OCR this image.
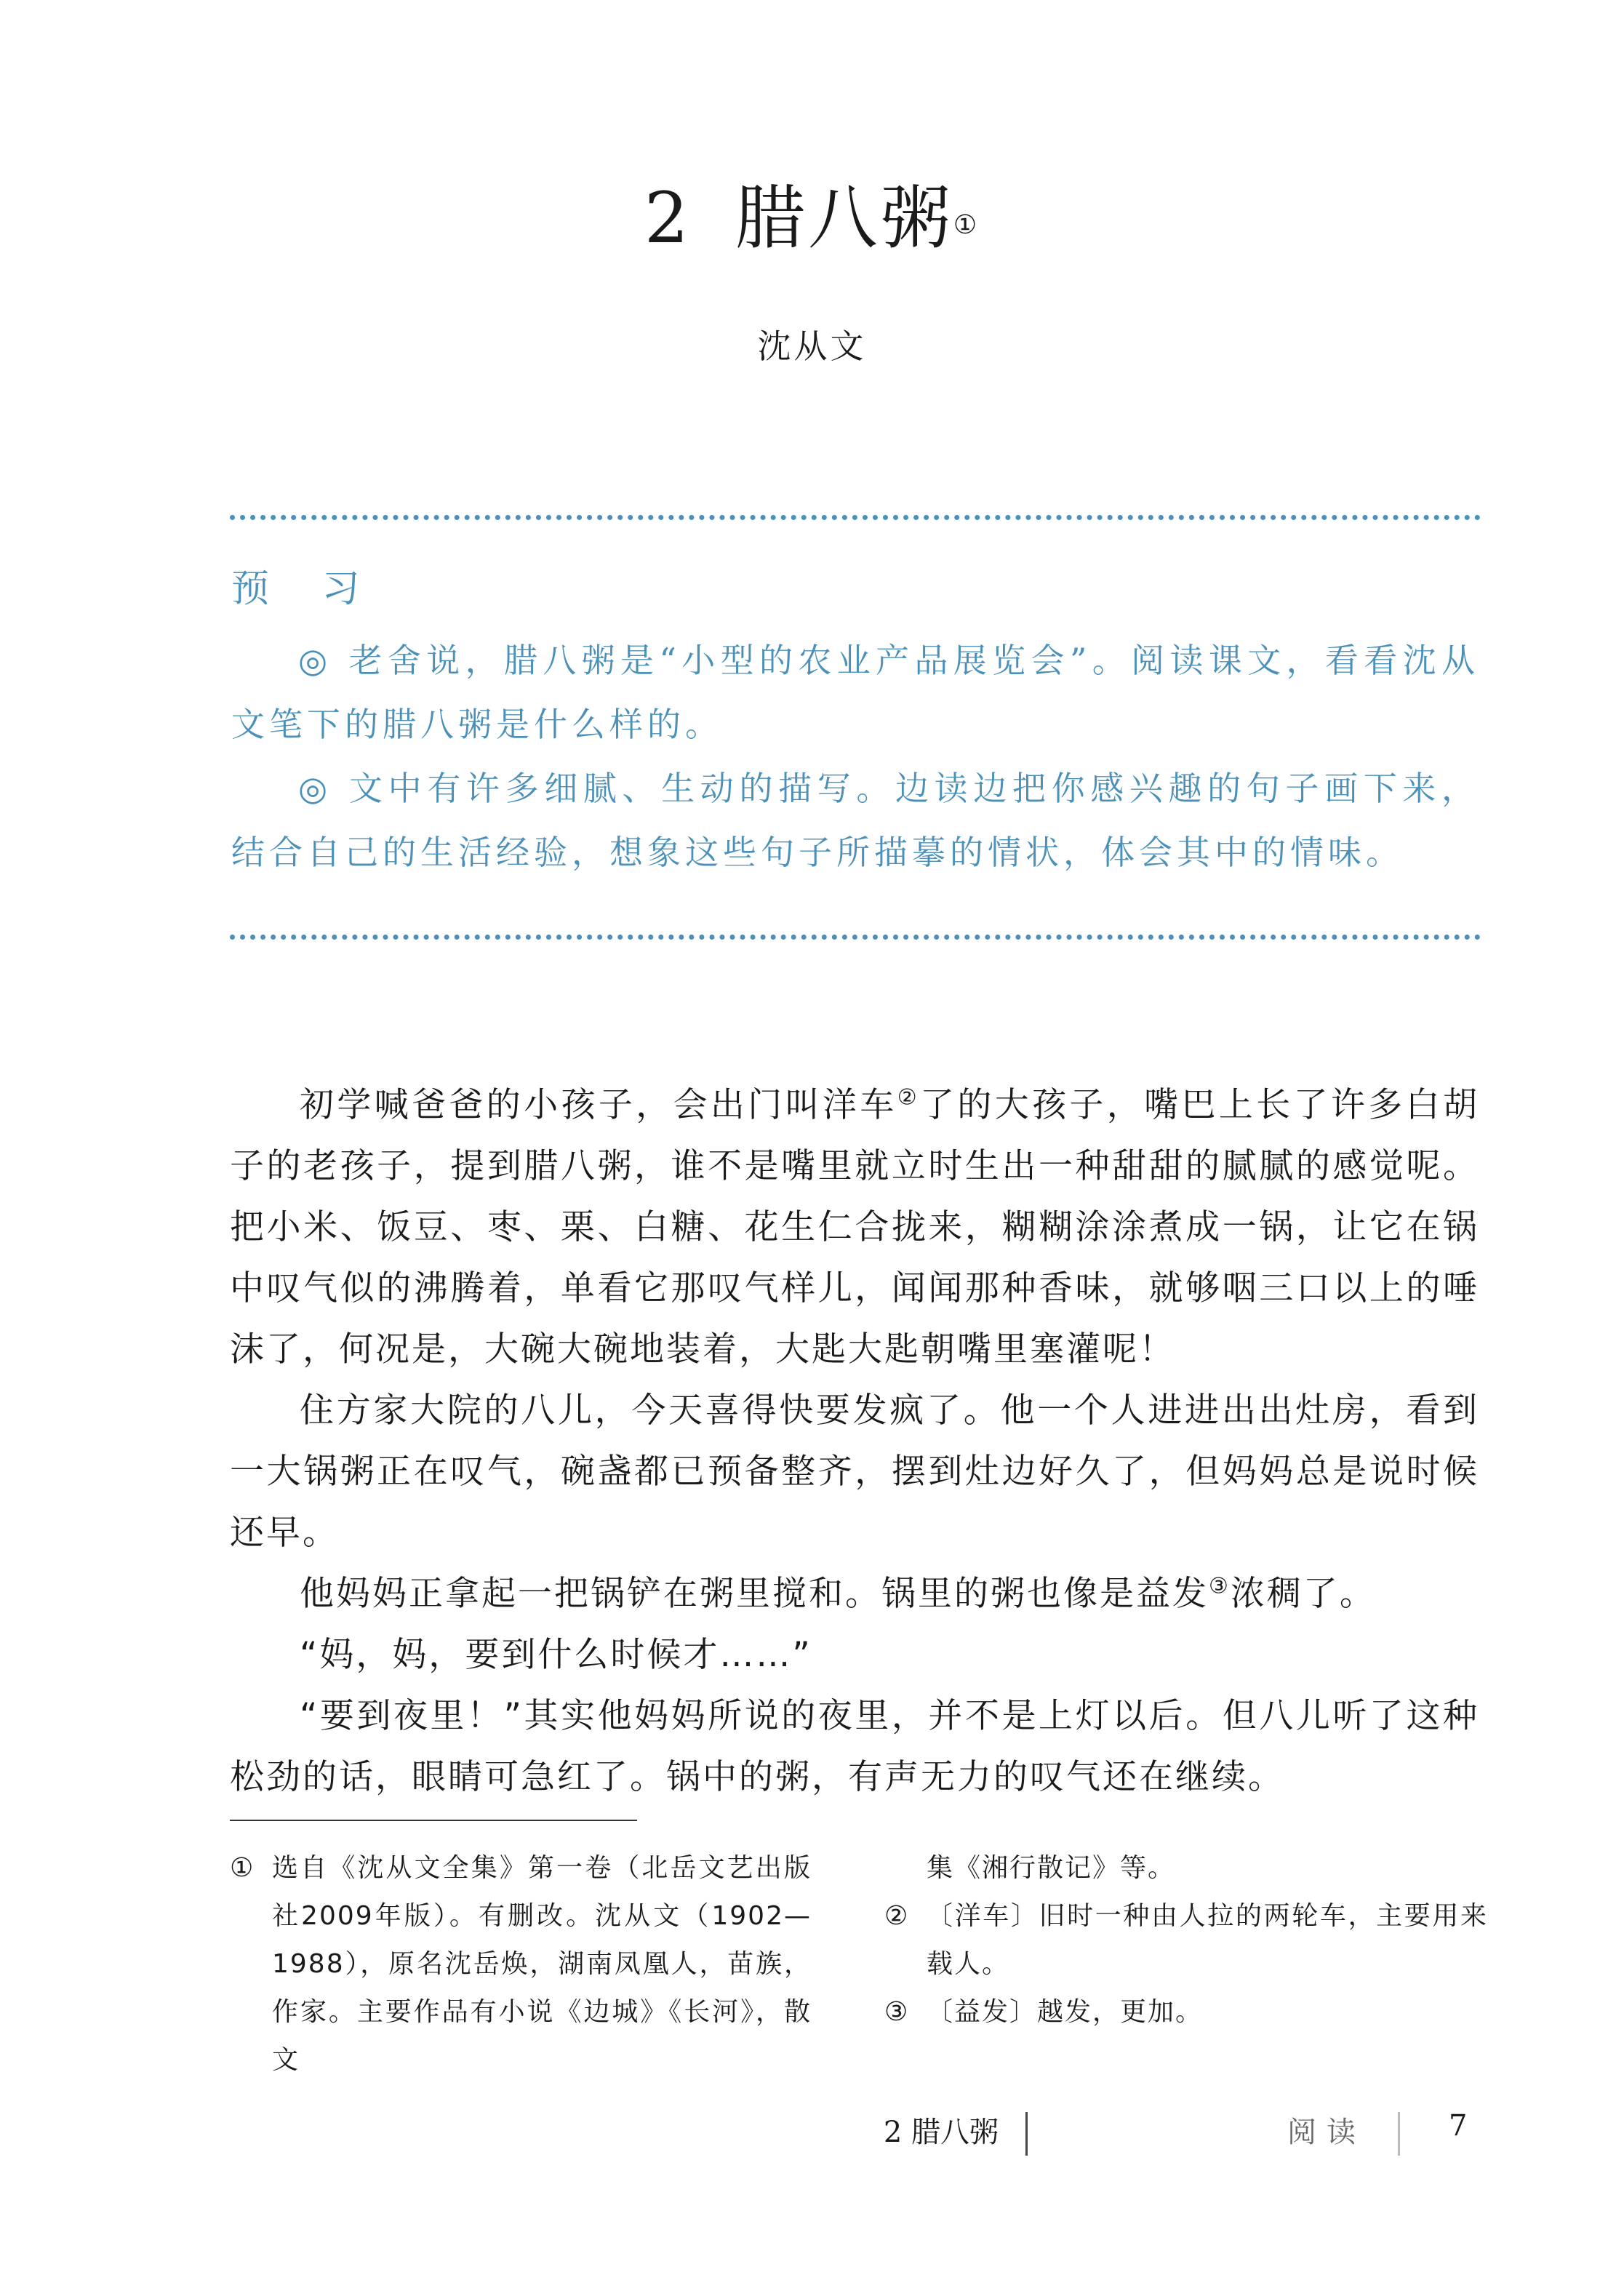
2 腊八粥①
沈从文
预 习

◎ 老舍说，腊八粥是“小型的农业产品展览会”。阅读课文，看看沈从文笔下的腊八粥是什么样的。

◎ 文中有许多细腻、生动的描写。边读边把你感兴趣的句子画下来，结合自己的生活经验，想象这些句子所描摹的情状，体会其中的情味。

初学喊爸爸的小孩子，会出门叫洋车②了的大孩子，嘴巴上长了许多白胡子的老孩子，提到腊八粥，谁不是嘴里就立时生出一种甜甜的腻腻的感觉呢。把小米、饭豆、枣、栗、白糖、花生仁合拢来，糊糊涂涂煮成一锅，让它在锅中叹气似的沸腾着，单看它那叹气样儿，闻闻那种香味，就够咽三口以上的唾沫了，何况是，大碗大碗地装着，大匙大匙朝嘴里塞灌呢！

住方家大院的八儿，今天喜得快要发疯了。他一个人进进出出灶房，看到一大锅粥正在叹气，碗盏都已预备整齐，摆到灶边好久了，但妈妈总是说时候还早。

他妈妈正拿起一把锅铲在粥里搅和。锅里的粥也像是益发③浓稠了。

“妈，妈，要到什么时候才……”

“要到夜里！”其实他妈妈所说的夜里，并不是上灯以后。但八儿听了这种松劲的话，眼睛可急红了。锅中的粥，有声无力的叹气还在继续。

① 选自《沈从文全集》第一卷（北岳文艺出版社2009年版）。有删改。沈从文（1902—1988），原名沈岳焕，湖南凤凰人，苗族，作家。主要作品有小说《边城》《长河》，散文
集《湘行散记》等。
② 〔洋车〕旧时一种由人拉的两轮车，主要用来载人。
③ 〔益发〕越发，更加。
2 腊八粥	阅读	7
